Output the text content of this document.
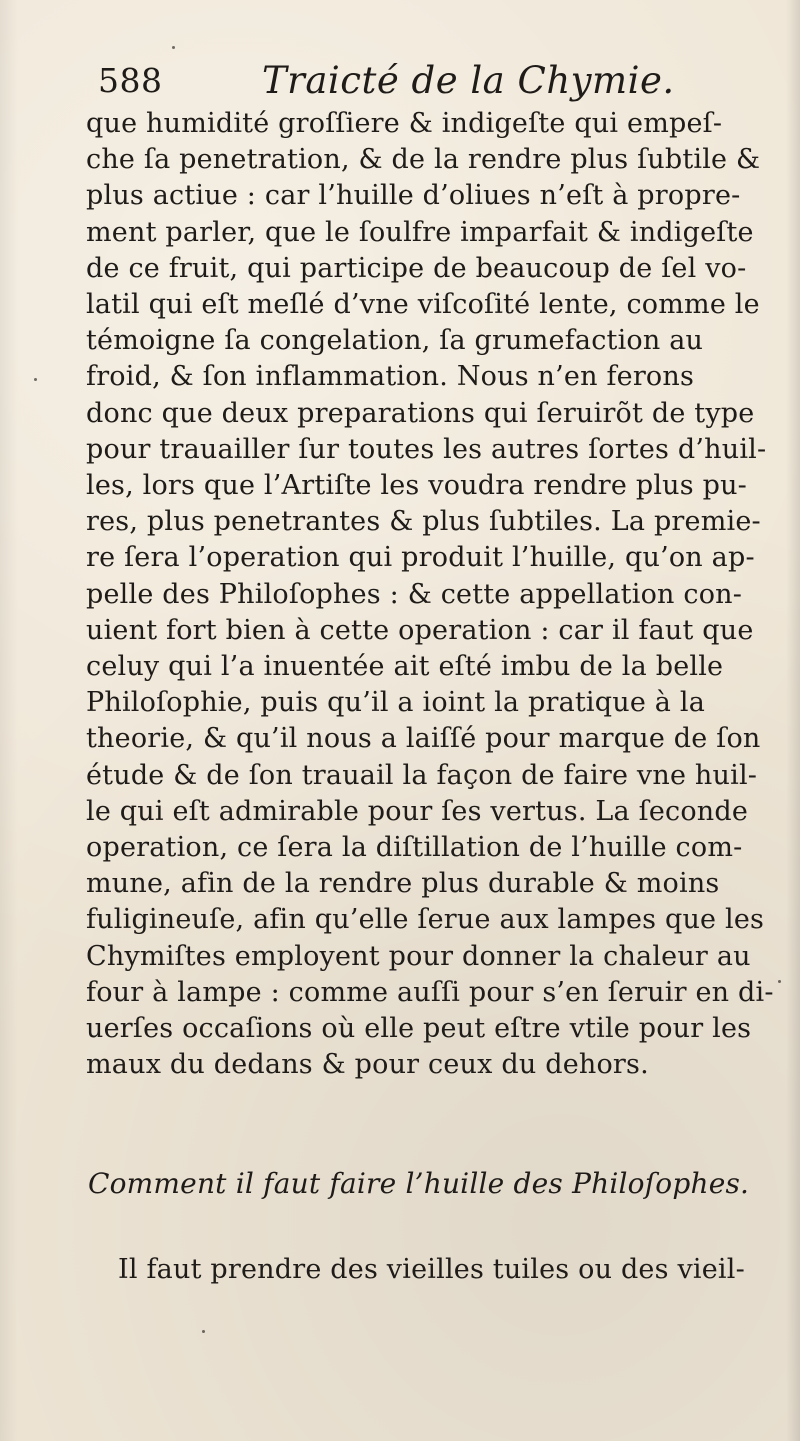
588	Traicté de la Chymie.
que humidité groſſiere & indigeſte qui empeſ-
che ſa penetration, & de la rendre plus ſubtile &
plus actiue : car l’huille d’oliues n’eſt à propre-
ment parler, que le ſoulfre imparfait & indigeſte
de ce fruit, qui participe de beaucoup de ſel vo-
latil qui eſt meſlé d’vne viſcoſité lente, comme le
témoigne ſa congelation, ſa grumefaction au
froid, & ſon inflammation. Nous n’en ferons
donc que deux preparations qui ſeruirõt de type
pour trauailler ſur toutes les autres ſortes d’huil-
les, lors que l’Artiſte les voudra rendre plus pu-
res, plus penetrantes & plus ſubtiles. La premie-
re ſera l’operation qui produit l’huille, qu’on ap-
pelle des Philoſophes : & cette appellation con-
uient fort bien à cette operation : car il faut que
celuy qui l’a inuentée ait eſté imbu de la belle
Philoſophie, puis qu’il a ioint la pratique à la
theorie, & qu’il nous a laiſſé pour marque de ſon
étude & de ſon trauail la façon de faire vne huil-
le qui eſt admirable pour ſes vertus. La ſeconde
operation, ce ſera la diſtillation de l’huille com-
mune, afin de la rendre plus durable & moins
fuligineuſe, afin qu’elle ſerue aux lampes que les
Chymiſtes employent pour donner la chaleur au
four à lampe : comme auſſi pour s’en ſeruir en di-
uerſes occaſions où elle peut eſtre vtile pour les
maux du dedans & pour ceux du dehors.
Comment il faut faire l’huille des Philoſophes.
Il faut prendre des vieilles tuiles ou des vieil-
